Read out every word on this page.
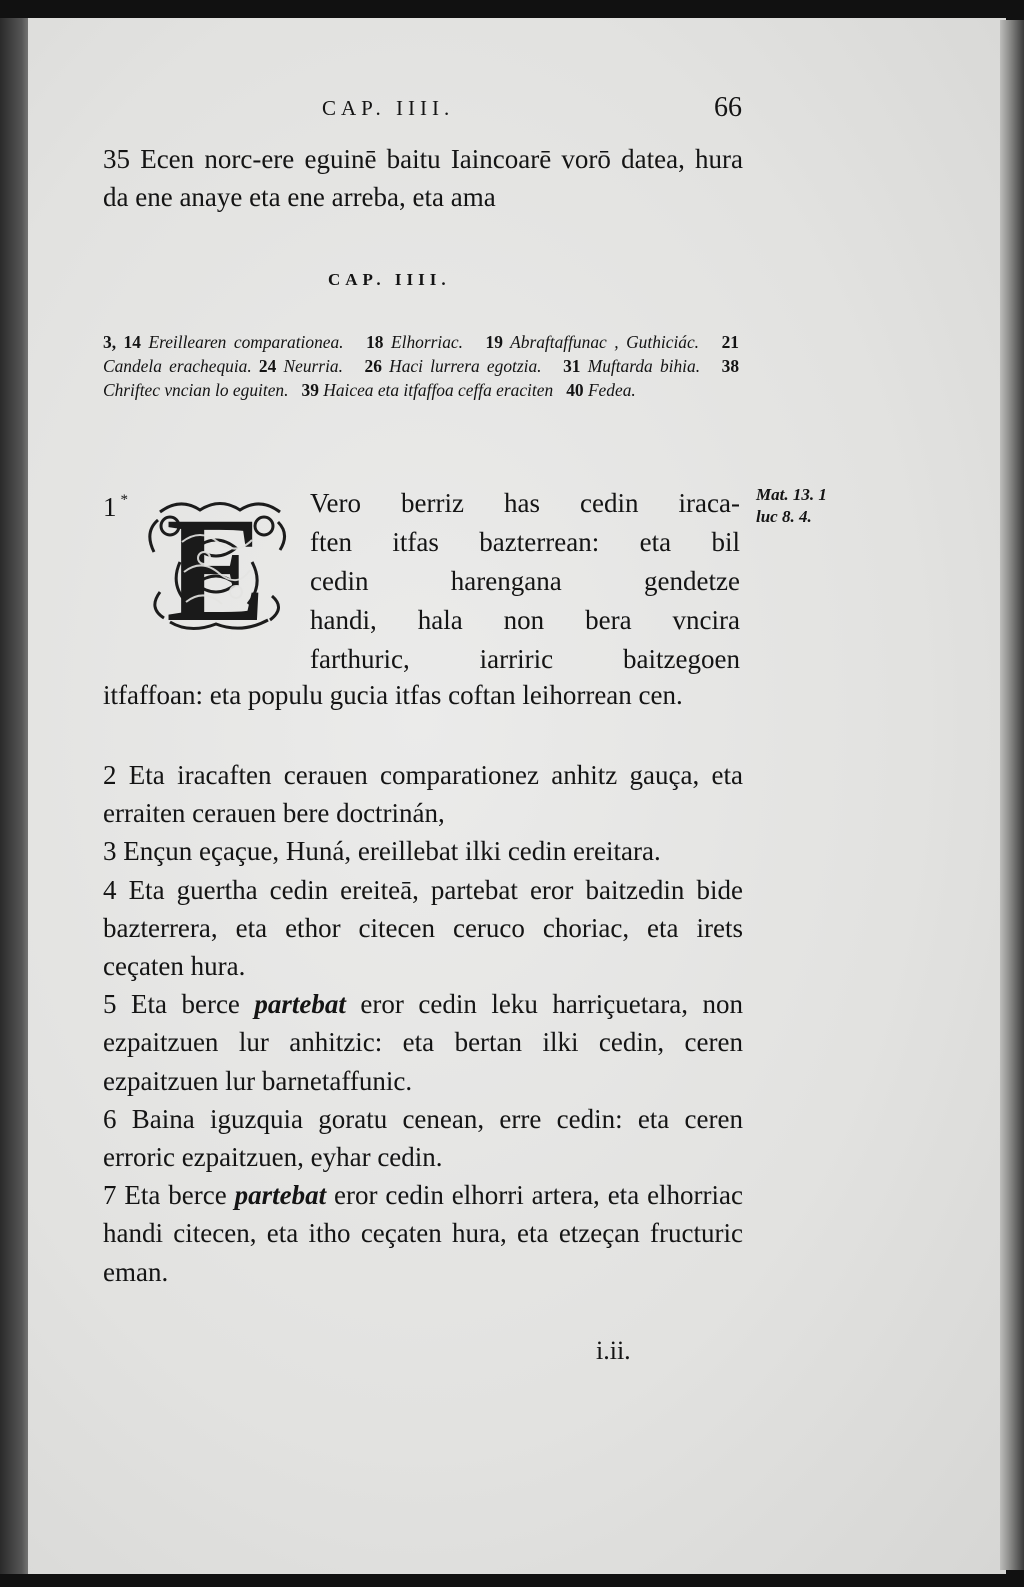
CAP. IIII.	66
35 Ecen norc-ere eguinē baitu Iaincoarē vorō datea, hura da ene anaye eta ene arreba, eta ama
CAP. IIII.
3, 14 Ereillearen comparationea. 18 Elhorriac. 19 Abraftaffunac , Guthiciác. 21 Candela erachequia. 24 Neurria. 26 Haci lurrera egotzia. 31 Muftarda bihia. 38 Chriftec vncian lo eguiten. 39 Haicea eta itfaffoa ceffa eraciten 40 Fedea.
1 * E Vero berriz has cedin iraca-
ften itfas bazterrean: eta bil
cedin harengana gendetze
handi, hala non bera vncira
farthuric, iarriric baitzegoen
Mat. 13. 1
luc 8. 4.
itfaffoan: eta populu gucia itfas coftan leihorrean cen.

2 Eta iracaften cerauen comparationez anhitz gauça, eta erraiten cerauen bere doctrinán,

3 Ençun eçaçue, Huná, ereillebat ilki cedin ereitara.

4 Eta guertha cedin ereiteā, partebat eror baitzedin bide bazterrera, eta ethor citecen ceruco choriac, eta irets ceçaten hura.

5 Eta berce partebat eror cedin leku harriçuetara, non ezpaitzuen lur anhitzic: eta bertan ilki cedin, ceren ezpaitzuen lur barnetaffunic.

6 Baina iguzquia goratu cenean, erre cedin: eta ceren erroric ezpaitzuen, eyhar cedin.

7 Eta berce partebat eror cedin elhorri artera, eta elhorriac handi citecen, eta itho ceçaten hura, eta etzeçan fructuric eman.

i.ii.
